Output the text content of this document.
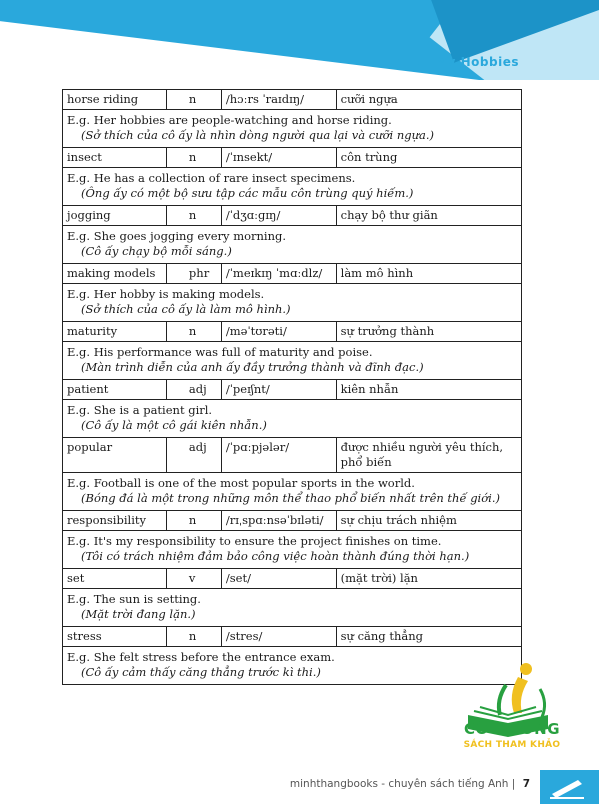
Unit 1. My Hobbies
horse riding	n	/hɔːrs ˈraɪdɪŋ/	cưỡi ngựa

E.g. Her hobbies are people-watching and horse riding.
(Sở thích của cô ấy là nhìn dòng người qua lại và cưỡi ngựa.)			

insect	n	/ˈɪnsekt/	côn trùng

E.g. He has a collection of rare insect specimens.
(Ông ấy có một bộ sưu tập các mẫu côn trùng quý hiếm.)			

jogging	n	/ˈdʒɑːɡɪŋ/	chạy bộ thư giãn

E.g. She goes jogging every morning.
(Cô ấy chạy bộ mỗi sáng.)			

making models	phr	/ˈmeɪkɪŋ ˈmɑːdlz/	làm mô hình

E.g. Her hobby is making models.
(Sở thích của cô ấy là làm mô hình.)			

maturity	n	/məˈtʊrəti/	sự trưởng thành

E.g. His performance was full of maturity and poise.
(Màn trình diễn của anh ấy đầy trưởng thành và đĩnh đạc.)			

patient	adj	/ˈpeɪʃnt/	kiên nhẫn

E.g. She is a patient girl.
(Cô ấy là một cô gái kiên nhẫn.)			

popular	adj	/ˈpɑːpjələr/	được nhiều người yêu thích, phổ biến

E.g. Football is one of the most popular sports in the world.
(Bóng đá là một trong những môn thể thao phổ biến nhất trên thế giới.)			

responsibility	n	/rɪˌspɑːnsəˈbɪləti/	sự chịu trách nhiệm

E.g. It's my responsibility to ensure the project finishes on time.
(Tôi có trách nhiệm đảm bảo công việc hoàn thành đúng thời hạn.)			

set	v	/set/	(mặt trời) lặn

E.g. The sun is setting.
(Mặt trời đang lặn.)			

stress	n	/stres/	sự căng thẳng

E.g. She felt stress before the entrance exam.
(Cô ấy cảm thấy căng thẳng trước kì thi.)			
CÔ HƯƠNG
SÁCH THAM KHẢO
minhthangbooks - chuyên sách tiếng Anh | 7
